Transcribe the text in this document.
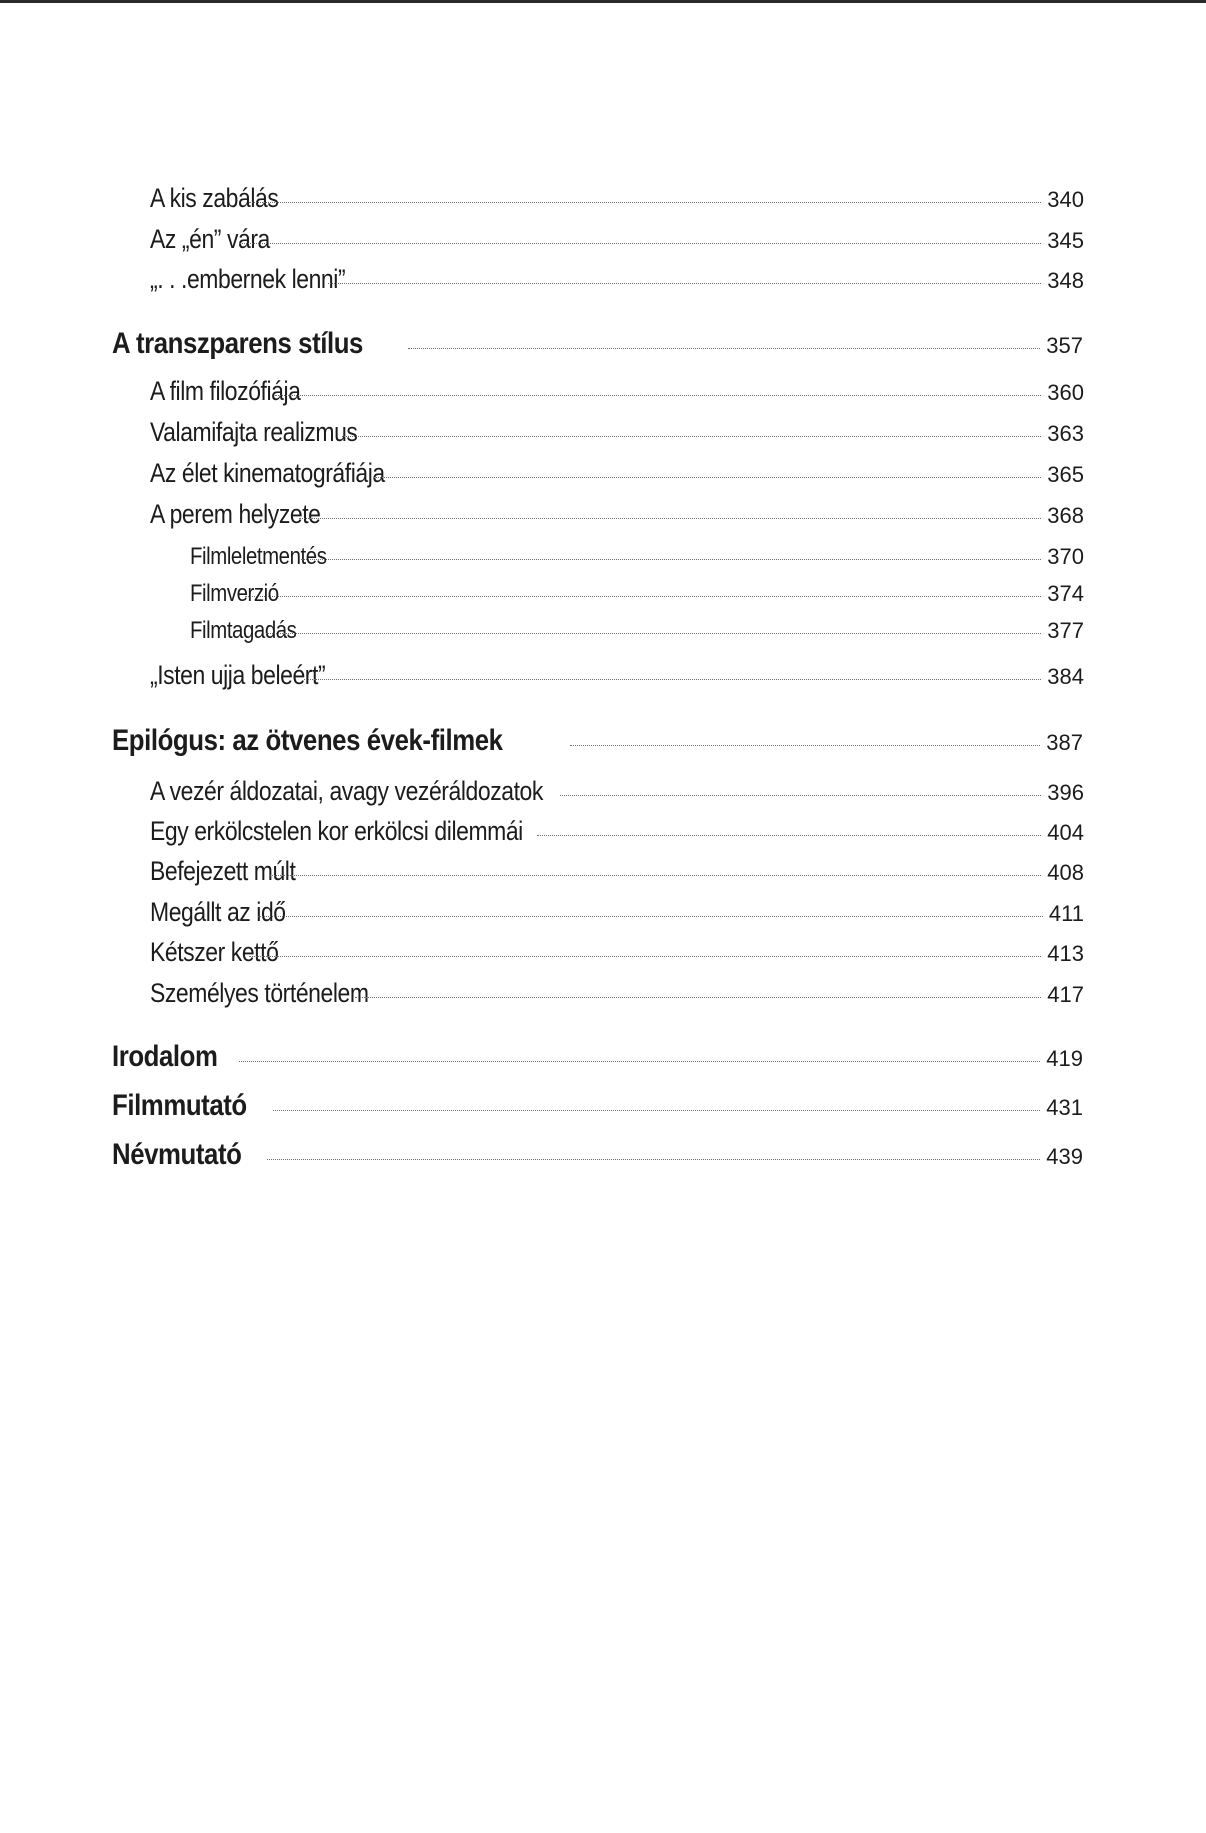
A kis zabálás	340
Az „én” vára	345
„. . .embernek lenni”	348
A transzparens stílus	357
A film filozófiája	360
Valamifajta realizmus	363
Az élet kinematográfiája	365
A perem helyzete	368
Filmleletmentés	370
Filmverzió	374
Filmtagadás	377
„Isten ujja beleért”	384
Epilógus: az ötvenes évek-filmek	387
A vezér áldozatai, avagy vezéráldozatok	396
Egy erkölcstelen kor erkölcsi dilemmái	404
Befejezett múlt	408
Megállt az idő	411
Kétszer kettő	413
Személyes történelem	417
Irodalom	419
Filmmutató	431
Névmutató	439
